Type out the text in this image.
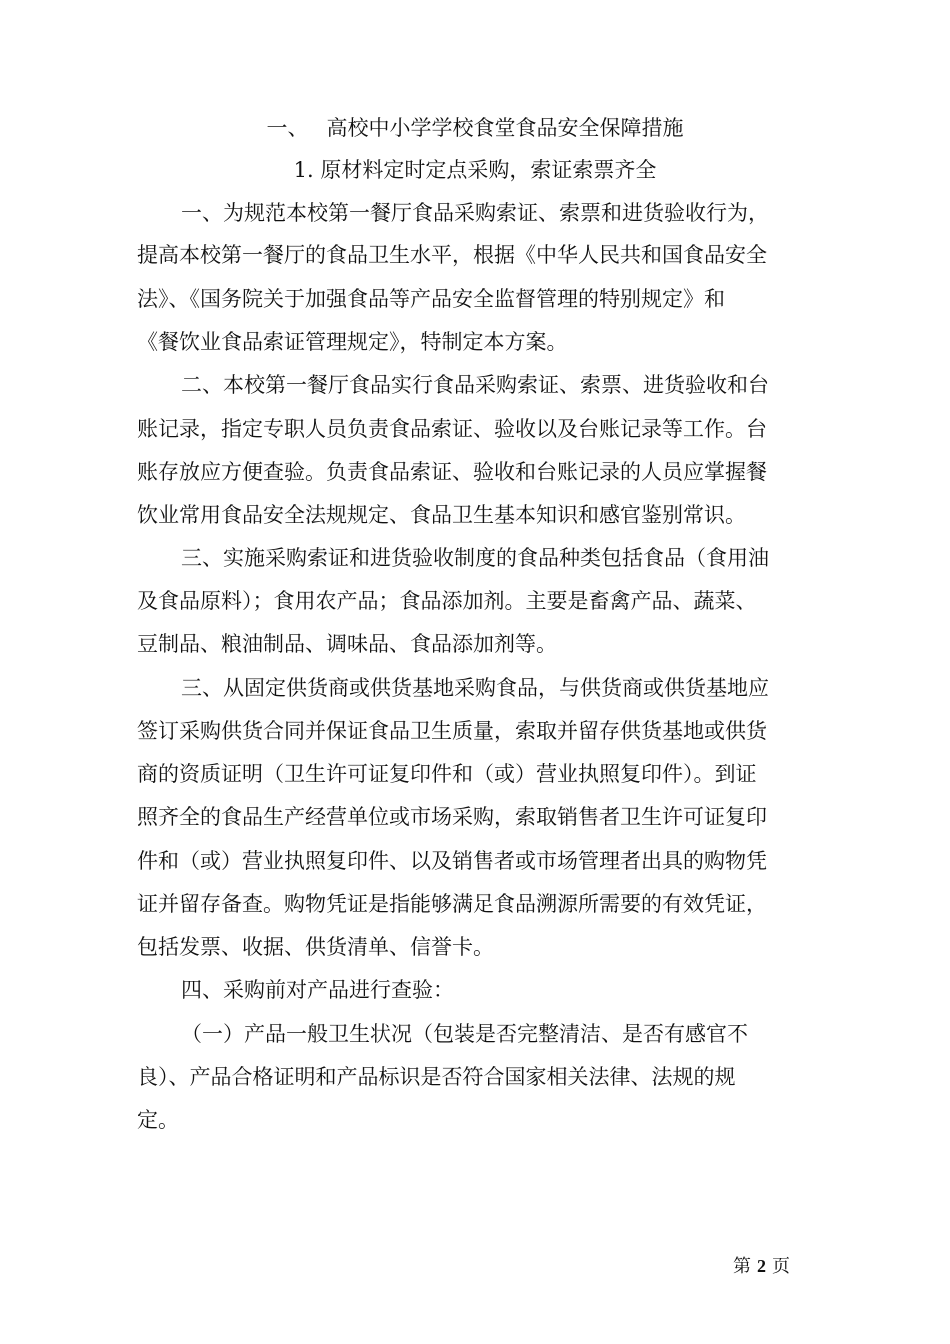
一、 高校中小学学校食堂食品安全保障措施
1. 原材料定时定点采购，索证索票齐全
一、为规范本校第一餐厅食品采购索证、索票和进货验收行为，
提高本校第一餐厅的食品卫生水平，根据《中华人民共和国食品安全
法》、《国务院关于加强食品等产品安全监督管理的特别规定》和
《餐饮业食品索证管理规定》，特制定本方案。
二、本校第一餐厅食品实行食品采购索证、索票、进货验收和台
账记录，指定专职人员负责食品索证、验收以及台账记录等工作。台
账存放应方便查验。负责食品索证、验收和台账记录的人员应掌握餐
饮业常用食品安全法规规定、食品卫生基本知识和感官鉴别常识。
三、实施采购索证和进货验收制度的食品种类包括食品（食用油
及食品原料）；食用农产品；食品添加剂。主要是畜禽产品、蔬菜、
豆制品、粮油制品、调味品、食品添加剂等。
三、从固定供货商或供货基地采购食品，与供货商或供货基地应
签订采购供货合同并保证食品卫生质量，索取并留存供货基地或供货
商的资质证明（卫生许可证复印件和（或）营业执照复印件）。到证
照齐全的食品生产经营单位或市场采购，索取销售者卫生许可证复印
件和（或）营业执照复印件、以及销售者或市场管理者出具的购物凭
证并留存备查。购物凭证是指能够满足食品溯源所需要的有效凭证，
包括发票、收据、供货清单、信誉卡。
四、采购前对产品进行查验：
（一）产品一般卫生状况（包装是否完整清洁、是否有感官不
良）、产品合格证明和产品标识是否符合国家相关法律、法规的规
定。
第 2 页
